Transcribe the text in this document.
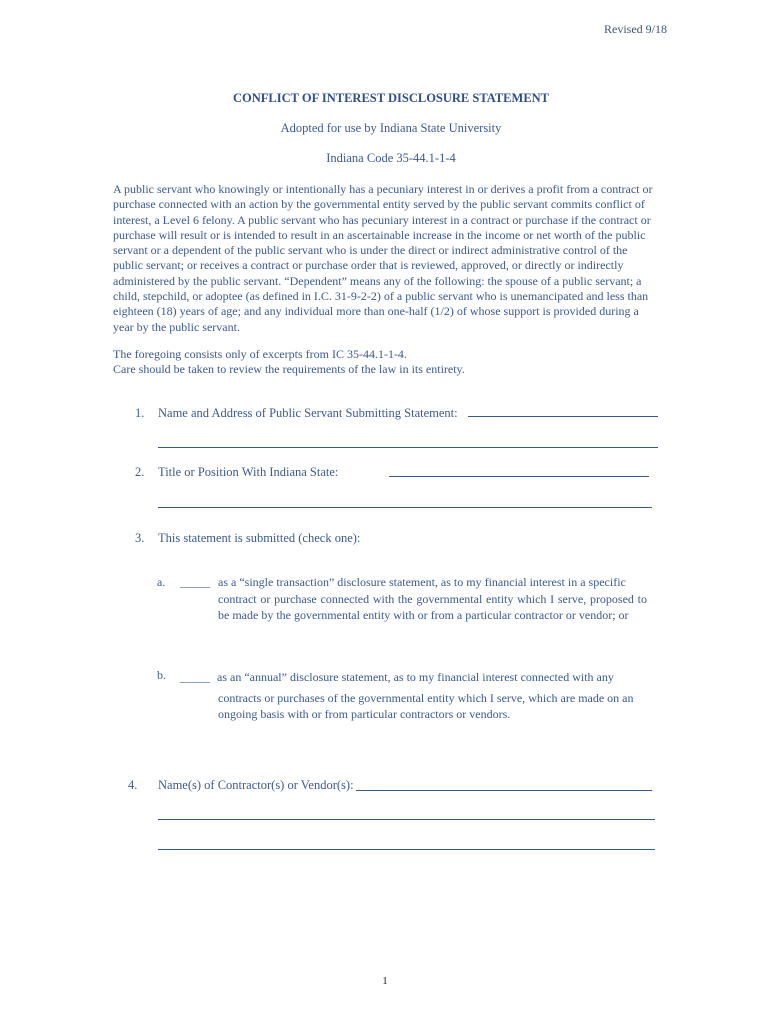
Revised 9/18
CONFLICT OF INTEREST DISCLOSURE STATEMENT
Adopted for use by Indiana State University
Indiana Code 35-44.1-1-4
A public servant who knowingly or intentionally has a pecuniary interest in or derives a profit from a contract or purchase connected with an action by the governmental entity served by the public servant commits conflict of interest, a Level 6 felony. A public servant who has pecuniary interest in a contract or purchase if the contract or purchase will result or is intended to result in an ascertainable increase in the income or net worth of the public servant or a dependent of the public servant who is under the direct or indirect administrative control of the public servant; or receives a contract or purchase order that is reviewed, approved, or directly or indirectly administered by the public servant. “Dependent” means any of the following: the spouse of a public servant; a child, stepchild, or adoptee (as defined in I.C. 31-9-2-2) of a public servant who is unemancipated and less than eighteen (18) years of age; and any individual more than one-half (1/2) of whose support is provided during a year by the public servant.
The foregoing consists only of excerpts from IC 35-44.1-1-4.
Care should be taken to review the requirements of the law in its entirety.
1. Name and Address of Public Servant Submitting Statement:
2. Title or Position With Indiana State:
3. This statement is submitted (check one):
a. _____ as a “single transaction” disclosure statement, as to my financial interest in a specific
contract or purchase connected with the governmental entity which I serve, proposed to be made by the governmental entity with or from a particular contractor or vendor; or
b. _____ as an “annual” disclosure statement, as to my financial interest connected with any
contracts or purchases of the governmental entity which I serve, which are made on an ongoing basis with or from particular contractors or vendors.
4. Name(s) of Contractor(s) or Vendor(s):
1
